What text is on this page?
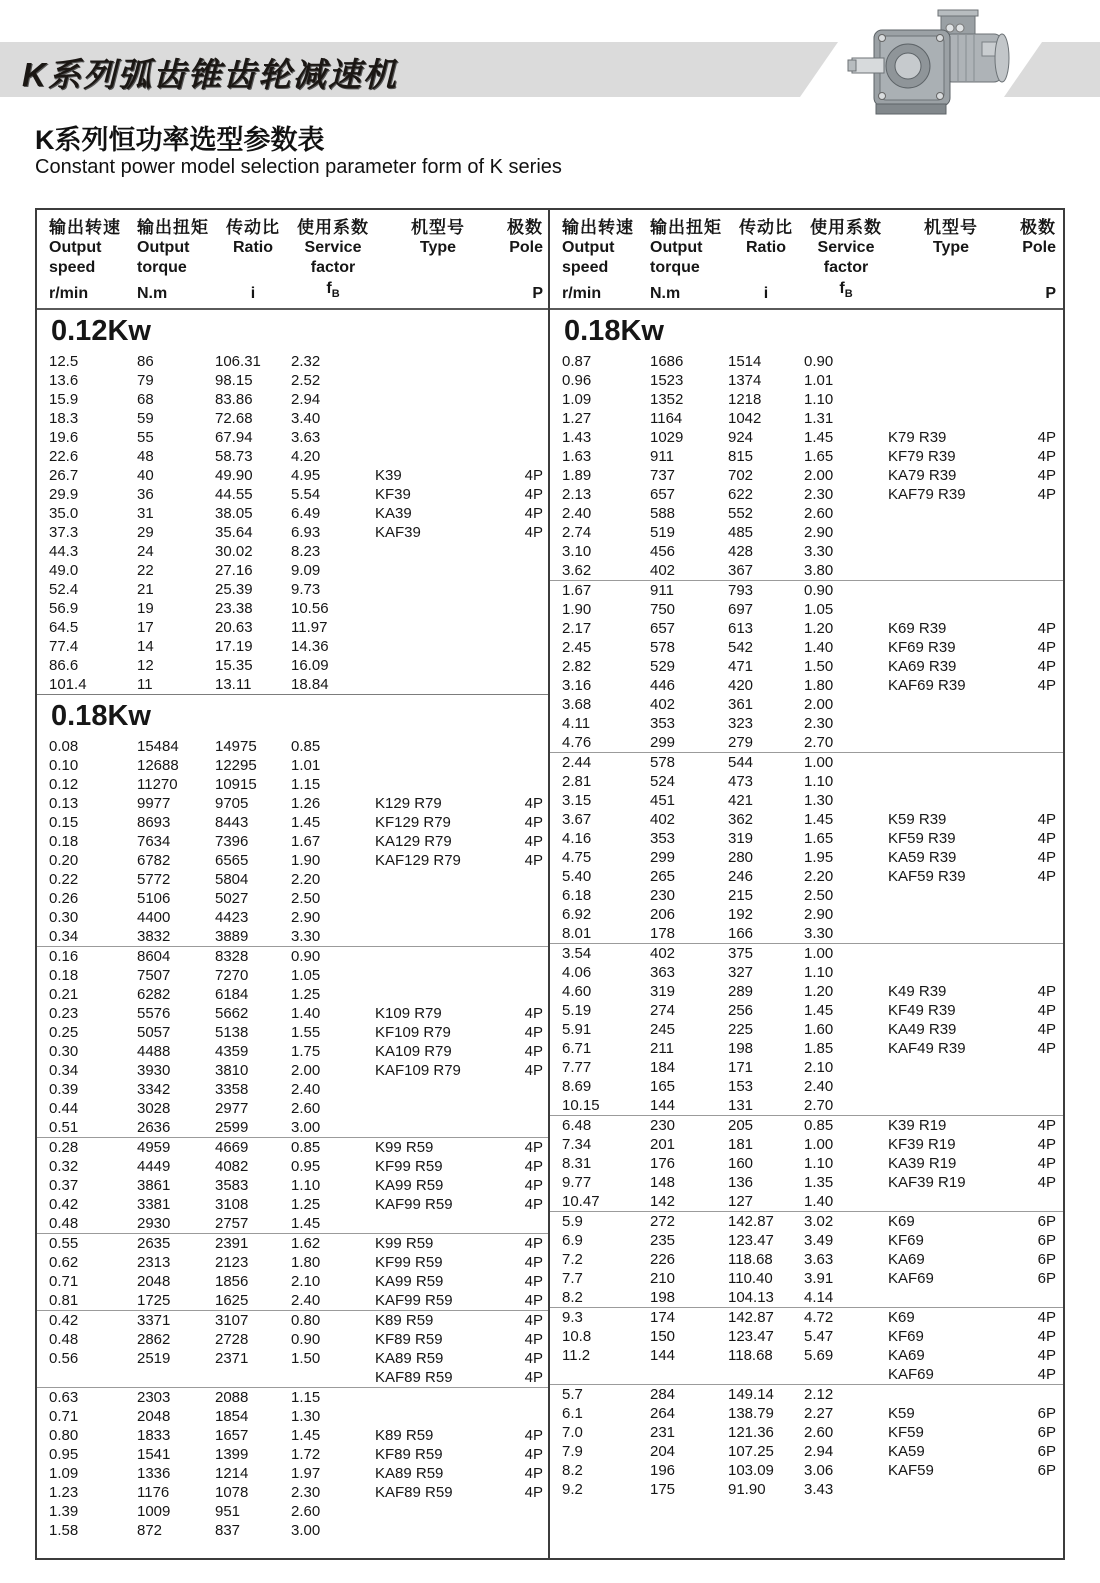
K系列弧齿锥齿轮减速机
K系列恒功率选型参数表
Constant power model selection parameter form of K series
输出转速
Output
speed
r/min
输出扭矩
Output
torque
N.m
传动比
Ratio
i
使用系数
Service
factor
$f_B$
机型号
Type
极数
Pole
P
0.12Kw
12.5	86	106.31	2.32
13.6	79	98.15	2.52
15.9	68	83.86	2.94
18.3	59	72.68	3.40
19.6	55	67.94	3.63
22.6	48	58.73	4.20
26.7	40	49.90	4.95	K39	4P
29.9	36	44.55	5.54	KF39	4P
35.0	31	38.05	6.49	KA39	4P
37.3	29	35.64	6.93	KAF39	4P
44.3	24	30.02	8.23
49.0	22	27.16	9.09
52.4	21	25.39	9.73
56.9	19	23.38	10.56
64.5	17	20.63	11.97
77.4	14	17.19	14.36
86.6	12	15.35	16.09
101.4	11	13.11	18.84
0.18Kw
0.08	15484	14975	0.85
0.10	12688	12295	1.01
0.12	11270	10915	1.15
0.13	9977	9705	1.26	K129 R79	4P
0.15	8693	8443	1.45	KF129 R79	4P
0.18	7634	7396	1.67	KA129 R79	4P
0.20	6782	6565	1.90	KAF129 R79	4P
0.22	5772	5804	2.20
0.26	5106	5027	2.50
0.30	4400	4423	2.90
0.34	3832	3889	3.30
0.16	8604	8328	0.90
0.18	7507	7270	1.05
0.21	6282	6184	1.25
0.23	5576	5662	1.40	K109 R79	4P
0.25	5057	5138	1.55	KF109 R79	4P
0.30	4488	4359	1.75	KA109 R79	4P
0.34	3930	3810	2.00	KAF109 R79	4P
0.39	3342	3358	2.40
0.44	3028	2977	2.60
0.51	2636	2599	3.00
0.28	4959	4669	0.85	K99 R59	4P
0.32	4449	4082	0.95	KF99 R59	4P
0.37	3861	3583	1.10	KA99 R59	4P
0.42	3381	3108	1.25	KAF99 R59	4P
0.48	2930	2757	1.45
0.55	2635	2391	1.62	K99 R59	4P
0.62	2313	2123	1.80	KF99 R59	4P
0.71	2048	1856	2.10	KA99 R59	4P
0.81	1725	1625	2.40	KAF99 R59	4P
0.42	3371	3107	0.80	K89 R59	4P
0.48	2862	2728	0.90	KF89 R59	4P
0.56	2519	2371	1.50	KA89 R59	4P
KAF89 R59	4P
0.63	2303	2088	1.15
0.71	2048	1854	1.30
0.80	1833	1657	1.45	K89 R59	4P
0.95	1541	1399	1.72	KF89 R59	4P
1.09	1336	1214	1.97	KA89 R59	4P
1.23	1176	1078	2.30	KAF89 R59	4P
1.39	1009	951	2.60
1.58	872	837	3.00
输出转速
Output
speed
r/min
输出扭矩
Output
torque
N.m
传动比
Ratio
i
使用系数
Service
factor
$f_B$
机型号
Type
极数
Pole
P
0.18Kw
0.87	1686	1514	0.90
0.96	1523	1374	1.01
1.09	1352	1218	1.10
1.27	1164	1042	1.31
1.43	1029	924	1.45	K79 R39	4P
1.63	911	815	1.65	KF79 R39	4P
1.89	737	702	2.00	KA79 R39	4P
2.13	657	622	2.30	KAF79 R39	4P
2.40	588	552	2.60
2.74	519	485	2.90
3.10	456	428	3.30
3.62	402	367	3.80
1.67	911	793	0.90
1.90	750	697	1.05
2.17	657	613	1.20	K69 R39	4P
2.45	578	542	1.40	KF69 R39	4P
2.82	529	471	1.50	KA69 R39	4P
3.16	446	420	1.80	KAF69 R39	4P
3.68	402	361	2.00
4.11	353	323	2.30
4.76	299	279	2.70
2.44	578	544	1.00
2.81	524	473	1.10
3.15	451	421	1.30
3.67	402	362	1.45	K59 R39	4P
4.16	353	319	1.65	KF59 R39	4P
4.75	299	280	1.95	KA59 R39	4P
5.40	265	246	2.20	KAF59 R39	4P
6.18	230	215	2.50
6.92	206	192	2.90
8.01	178	166	3.30
3.54	402	375	1.00
4.06	363	327	1.10
4.60	319	289	1.20	K49 R39	4P
5.19	274	256	1.45	KF49 R39	4P
5.91	245	225	1.60	KA49 R39	4P
6.71	211	198	1.85	KAF49 R39	4P
7.77	184	171	2.10
8.69	165	153	2.40
10.15	144	131	2.70
6.48	230	205	0.85	K39 R19	4P
7.34	201	181	1.00	KF39 R19	4P
8.31	176	160	1.10	KA39 R19	4P
9.77	148	136	1.35	KAF39 R19	4P
10.47	142	127	1.40
5.9	272	142.87	3.02	K69	6P
6.9	235	123.47	3.49	KF69	6P
7.2	226	118.68	3.63	KA69	6P
7.7	210	110.40	3.91	KAF69	6P
8.2	198	104.13	4.14
9.3	174	142.87	4.72	K69	4P
10.8	150	123.47	5.47	KF69	4P
11.2	144	118.68	5.69	KA69	4P
KAF69	4P
5.7	284	149.14	2.12
6.1	264	138.79	2.27	K59	6P
7.0	231	121.36	2.60	KF59	6P
7.9	204	107.25	2.94	KA59	6P
8.2	196	103.09	3.06	KAF59	6P
9.2	175	91.90	3.43
